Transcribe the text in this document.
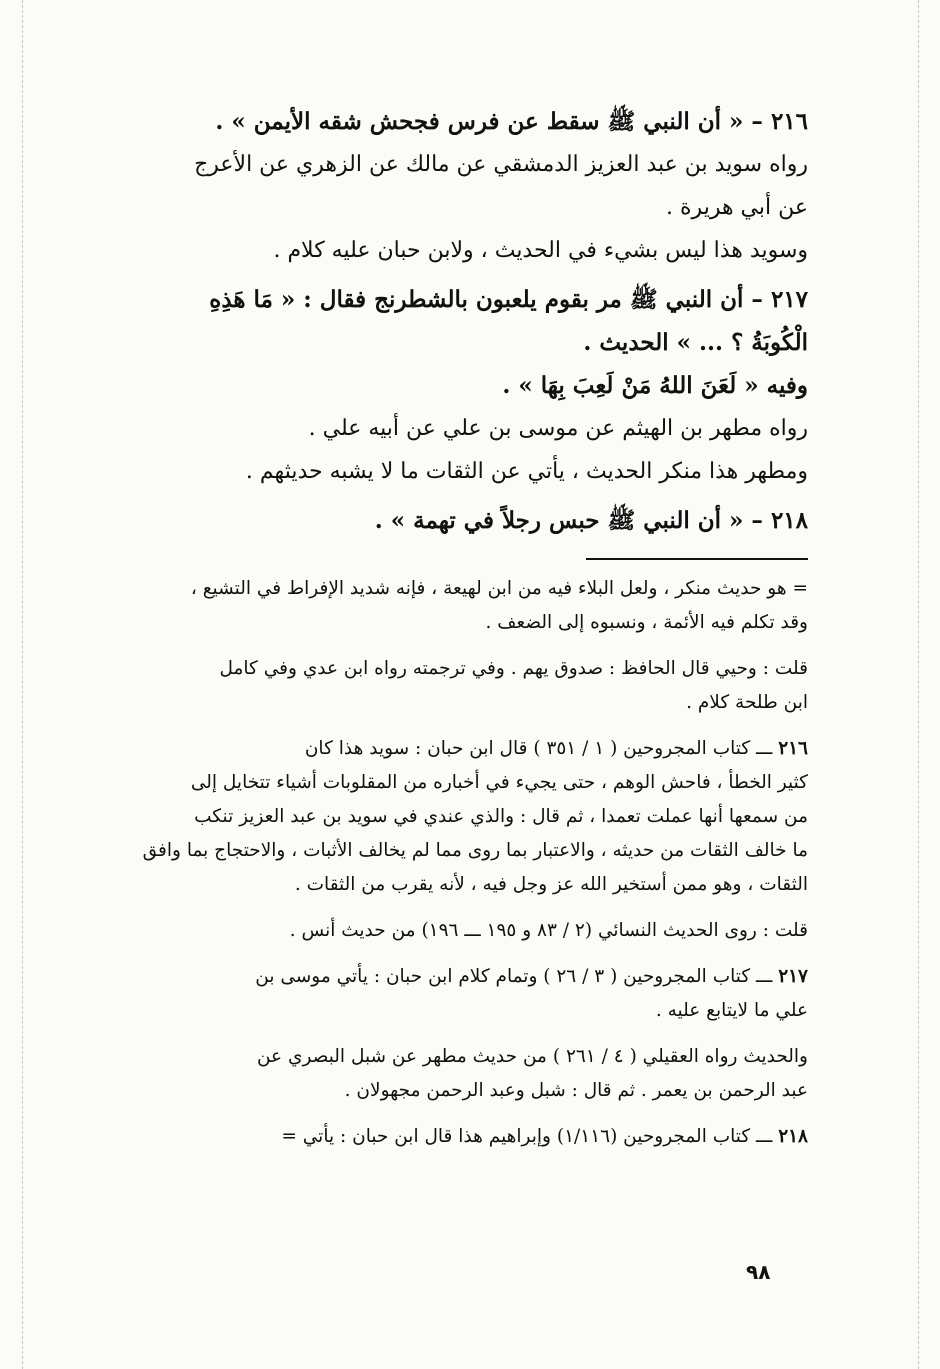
٢١٦ – « أن النبي ﷺ سقط عن فرس فجحش شقه الأيمن » .

رواه سويد بن عبد العزيز الدمشقي عن مالك عن الزهري عن الأعرج

عن أبي هريرة .

وسويد هذا ليس بشيء في الحديث ، ولابن حبان عليه كلام .

٢١٧ – أن النبي ﷺ مر بقوم يلعبون بالشطرنج فقال : « مَا هَذِهِ

الْكُوبَةُ ؟ ... » الحديث .

وفيه « لَعَنَ اللهُ مَنْ لَعِبَ بِهَا » .

رواه مطهر بن الهيثم عن موسى بن علي عن أبيه علي .

ومطهر هذا منكر الحديث ، يأتي عن الثقات ما لا يشبه حديثهم .

٢١٨ – « أن النبي ﷺ حبس رجلاً في تهمة » .

= هو حديث منكر ، ولعل البلاء فيه من ابن لهيعة ، فإنه شديد الإفراط في التشيع ،

وقد تكلم فيه الأئمة ، ونسبوه إلى الضعف .

قلت : وحيي قال الحافظ : صدوق يهم . وفي ترجمته رواه ابن عدي وفي كامل

ابن طلحة كلام .

٢١٦ ـــ كتاب المجروحين ( ١ / ٣٥١ ) قال ابن حبان : سويد هذا كان

كثير الخطأ ، فاحش الوهم ، حتى يجيء في أخباره من المقلوبات أشياء تتخايل إلى

من سمعها أنها عملت تعمدا ، ثم قال : والذي عندي في سويد بن عبد العزيز تنكب

ما خالف الثقات من حديثه ، والاعتبار بما روى مما لم يخالف الأثبات ، والاحتجاج بما وافق

الثقات ، وهو ممن أستخير الله عز وجل فيه ، لأنه يقرب من الثقات .

قلت : روى الحديث النسائي (٢ / ٨٣ و ١٩٥ ـــ ١٩٦) من حديث أنس .

٢١٧ ـــ كتاب المجروحين ( ٣ / ٢٦ ) وتمام كلام ابن حبان : يأتي موسى بن

علي ما لايتابع عليه .

والحديث رواه العقيلي ( ٤ / ٢٦١ ) من حديث مطهر عن شبل البصري عن

عبد الرحمن بن يعمر . ثم قال : شبل وعبد الرحمن مجهولان .

٢١٨ ـــ كتاب المجروحين (١/١١٦) وإبراهيم هذا قال ابن حبان : يأتي =

٩٨
